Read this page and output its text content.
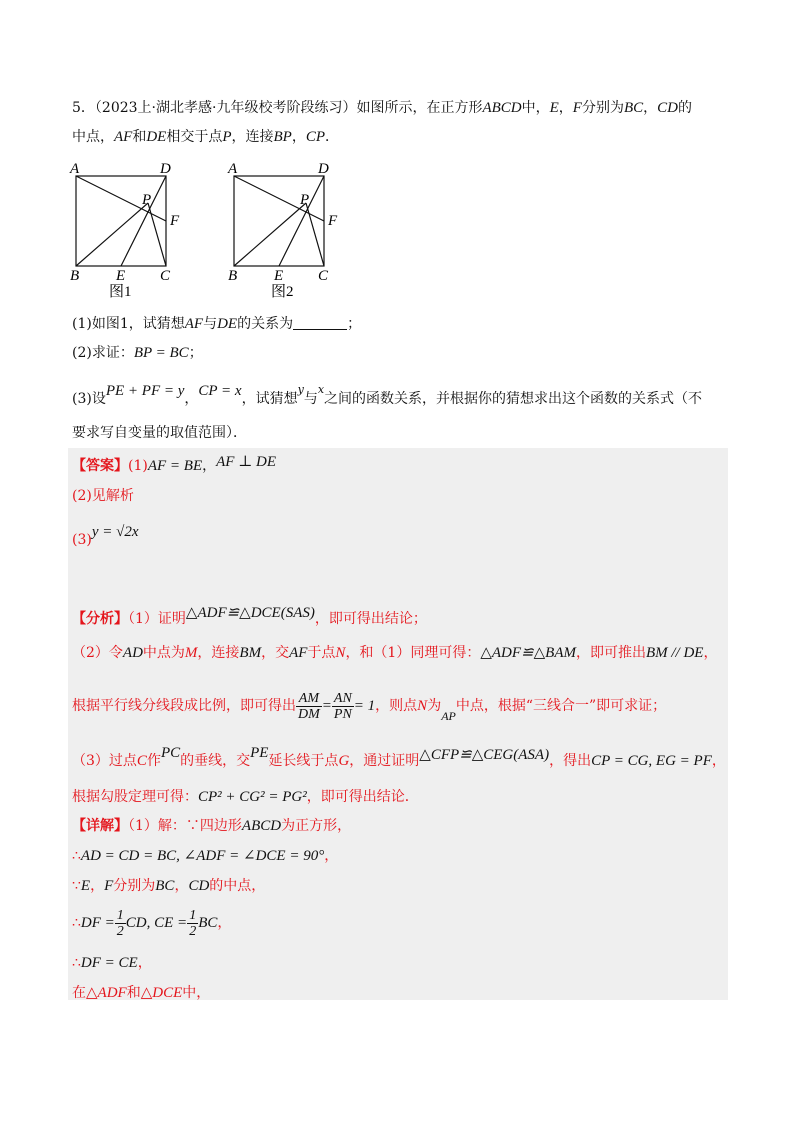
5．（2023上·湖北孝感·九年级校考阶段练习）如图所示，在正方形ABCD中，E，F分别为BC，CD的
中点，AF和DE相交于点P，连接BP，CP．
A	D
P
F
B E C
图1
A	D
P
F
B E C
图2
(1)如图1，试猜想AF与DE的关系为	；
(2)求证：BP = BC；
(3)设PE + PF = y，CP = x，试猜想$^y$与$^x$之间的函数关系，并根据你的猜想求出这个函数的关系式（不
要求写自变量的取值范围）．
【答案】(1)AF = BE，AF ⊥ DE
(2)见解析
(3)y = √2x
【分析】（1）证明△ADF≌△DCE(SAS)，即可得出结论；
（2）令AD中点为M，连接BM，交AF于点N，和（1）同理可得：△ADF≌△BAM，即可推出BM // DE，
根据平行线分线段成比例，即可得出 $\frac{AM}{DM} = \frac{AN}{PN} = 1$，则点N为AP中点，根据“三线合一”即可求证；
（3）过点C作PC的垂线，交PE延长线于点G，通过证明△CFP≌△CEG(ASA)，得出CP = CG, EG = PF，
根据勾股定理可得：CP² + CG² = PG²，即可得出结论．
【详解】（1）解：∵四边形ABCD为正方形，
∴AD = CD = BC, ∠ADF = ∠DCE = 90°，
∵E，F分别为BC，CD的中点，
∴DF = $\frac{1}{2}$ CD, CE = $\frac{1}{2}$ BC，
∴DF = CE，
在△ADF和△DCE中，
